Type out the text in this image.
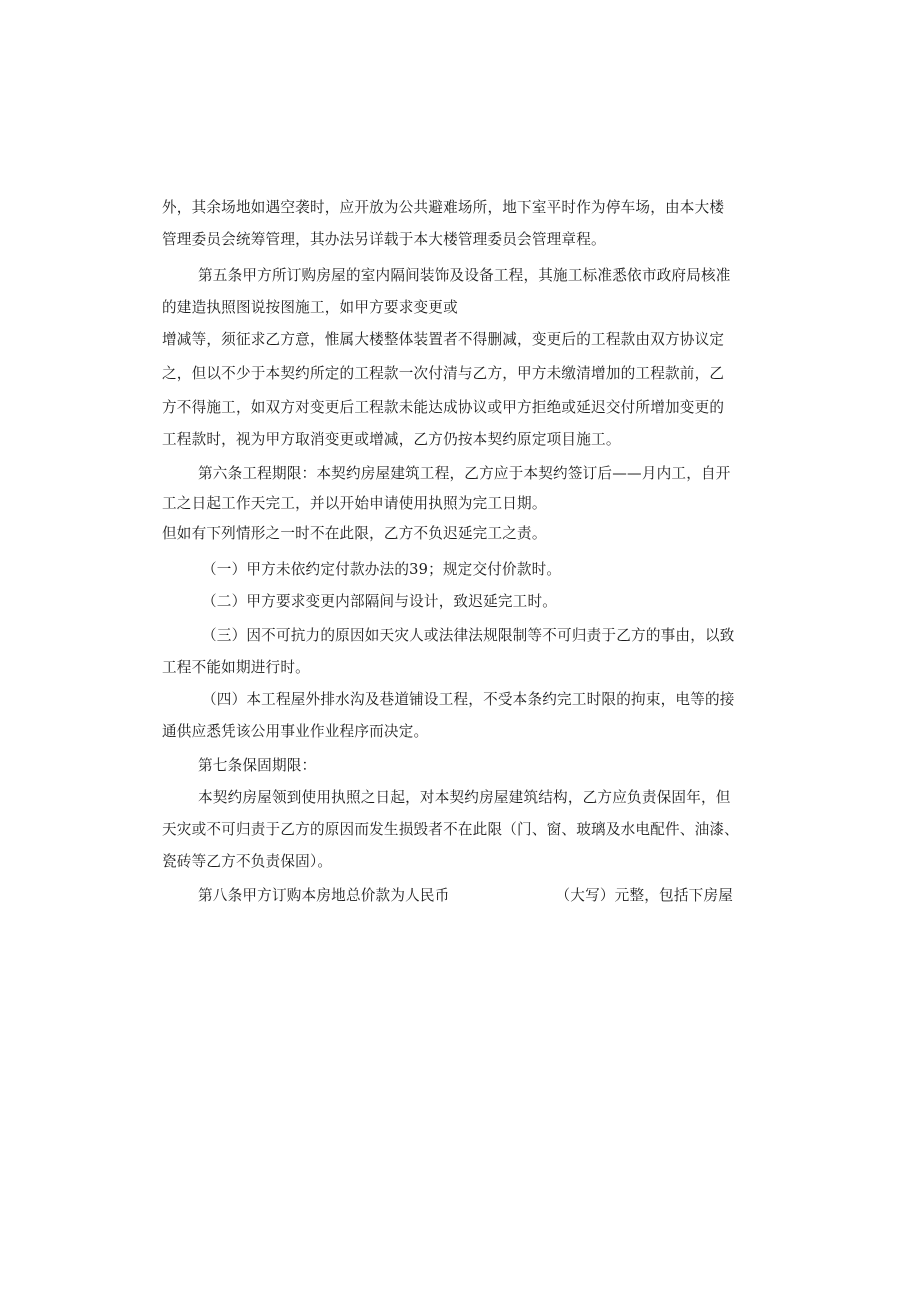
外，其余场地如遇空袭时，应开放为公共避难场所，地下室平时作为停车场，由本大楼
管理委员会统筹管理，其办法另详载于本大楼管理委员会管理章程。
第五条甲方所订购房屋的室内隔间装饰及设备工程，其施工标准悉依市政府局核准
的建造执照图说按图施工，如甲方要求变更或
增减等，须征求乙方意，惟属大楼整体装置者不得删减，变更后的工程款由双方协议定
之，但以不少于本契约所定的工程款一次付清与乙方，甲方未缴清增加的工程款前，乙
方不得施工，如双方对变更后工程款未能达成协议或甲方拒绝或延迟交付所增加变更的
工程款时，视为甲方取消变更或增减，乙方仍按本契约原定项目施工。
第六条工程期限：本契约房屋建筑工程，乙方应于本契约签订后——月内工，自开
工之日起工作天完工，并以开始申请使用执照为完工日期。
但如有下列情形之一时不在此限，乙方不负迟延完工之责。
（一）甲方未依约定付款办法的39；规定交付价款时。
（二）甲方要求变更内部隔间与设计，致迟延完工时。
（三）因不可抗力的原因如天灾人或法律法规限制等不可归责于乙方的事由，以致
工程不能如期进行时。
（四）本工程屋外排水沟及巷道铺设工程，不受本条约完工时限的拘束，电等的接
通供应悉凭该公用事业作业程序而决定。
第七条保固期限：
本契约房屋领到使用执照之日起，对本契约房屋建筑结构，乙方应负责保固年，但
天灾或不可归责于乙方的原因而发生损毁者不在此限（门、窗、玻璃及水电配件、油漆、
瓷砖等乙方不负责保固）。
第八条甲方订购本房地总价款为人民币	（大写）元整，包括下房屋
